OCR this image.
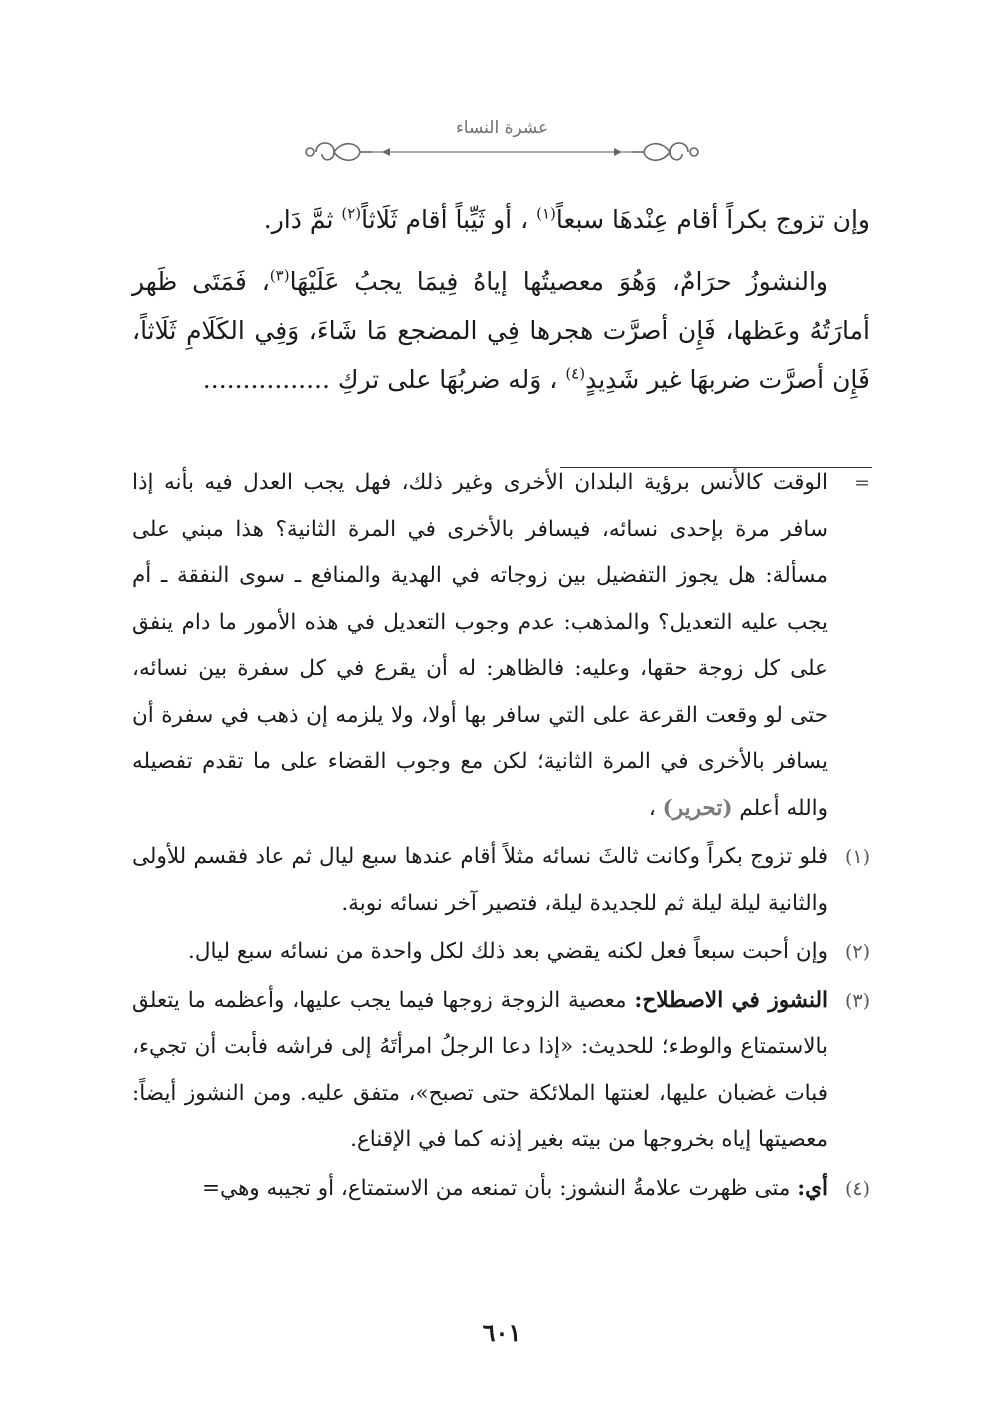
عشرة النساء

وإن تزوج بكراً أقام عِنْدهَا سبعاً$^{(١)}$ ، أو ثَيِّباً أقام ثَلَاثاً$^{(٢)}$ ثمَّ دَار.

والنشوزُ حرَامٌ، وَهُوَ معصيتُها إياهُ فِيمَا يجبُ عَلَيْهَا$^{(٣)}$، فَمَتَى ظَهر أمارَتُهُ وعَظها، فَإِن أصرَّت هجرها فِي المضجع مَا شَاءَ، وَفِي الكَلَامِ ثَلَاثاً، فَإِن أصرَّت ضربهَا غير شَدِيدٍ$^{(٤)}$ ، وَله ضربُهَا على تركِ ................

=
الوقت كالأنس برؤية البلدان الأخرى وغير ذلك، فهل يجب العدل فيه بأنه إذا سافر مرة بإحدى نسائه، فيسافر بالأخرى في المرة الثانية؟ هذا مبني على مسألة: هل يجوز التفضيل بين زوجاته في الهدية والمنافع ـ سوى النفقة ـ أم يجب عليه التعديل؟ والمذهب: عدم وجوب التعديل في هذه الأمور ما دام ينفق على كل زوجة حقها، وعليه: فالظاهر: له أن يقرع في كل سفرة بين نسائه، حتى لو وقعت القرعة على التي سافر بها أولا، ولا يلزمه إن ذهب في سفرة أن يسافر بالأخرى في المرة الثانية؛ لكن مع وجوب القضاء على ما تقدم تفصيله والله أعلم (تحرير) ،
(١)
فلو تزوج بكراً وكانت ثالثَ نسائه مثلاً أقام عندها سبع ليال ثم عاد فقسم للأولى والثانية ليلة ليلة ثم للجديدة ليلة، فتصير آخر نسائه نوبة.
(٢)
وإن أحبت سبعاً فعل لكنه يقضي بعد ذلك لكل واحدة من نسائه سبع ليال.
(٣)
النشوز في الاصطلاح: معصية الزوجة زوجها فيما يجب عليها، وأعظمه ما يتعلق بالاستمتاع والوطء؛ للحديث: «إذا دعا الرجلُ امرأتَهُ إلى فراشه فأبت أن تجيء، فبات غضبان عليها، لعنتها الملائكة حتى تصبح»، متفق عليه. ومن النشوز أيضاً: معصيتها إياه بخروجها من بيته بغير إذنه كما في الإقناع.
(٤)
أي: متى ظهرت علامةُ النشوز: بأن تمنعه من الاستمتاع، أو تجيبه وهي=
٦٠١
